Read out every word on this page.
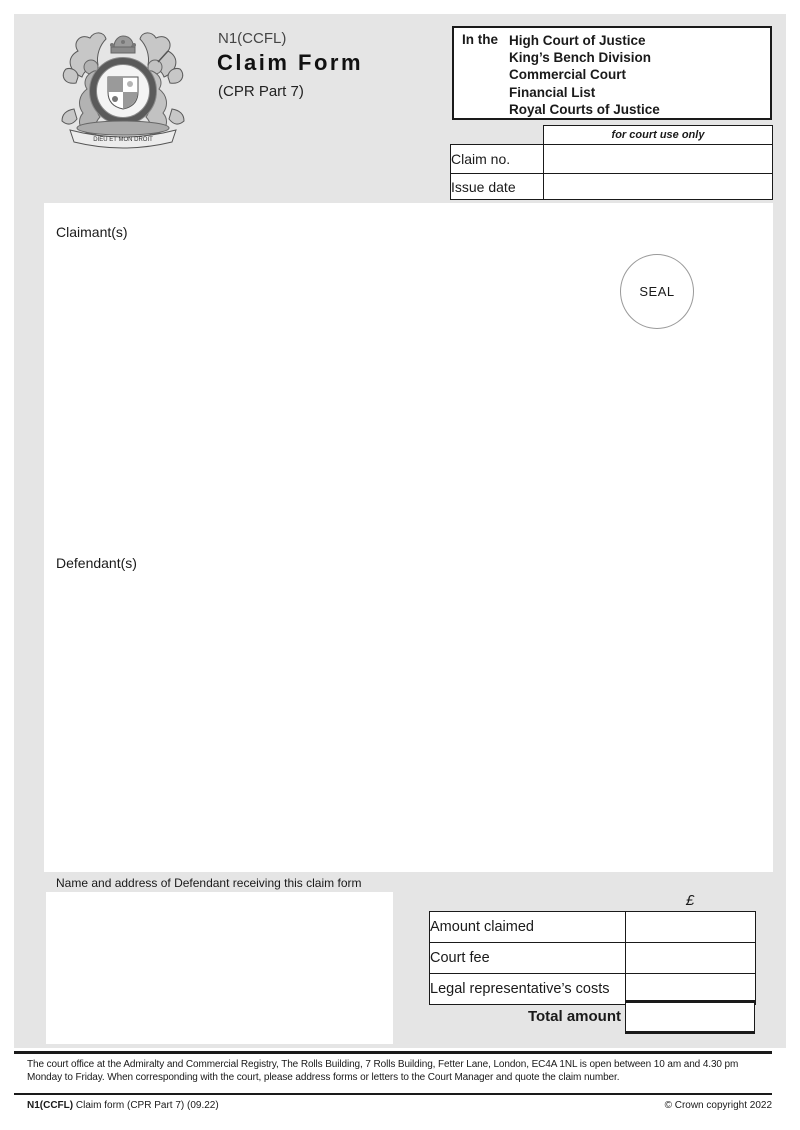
DIEU ET MON DROIT
N1(CCFL)
Claim Form
(CPR Part 7)
In the High Court of Justice
King’s Bench Division
Commercial Court
Financial List
Royal Courts of Justice
	for court use only
Claim no.	
Issue date	
Claimant(s)
SEAL
Defendant(s)
Name and address of Defendant receiving this claim form
£
Amount claimed	
Court fee	
Legal representative’s costs	
Total amount
The court office at the Admiralty and Commercial Registry, The Rolls Building, 7 Rolls Building, Fetter Lane, London, EC4A 1NL is open between 10 am and 4.30 pm
Monday to Friday. When corresponding with the court, please address forms or letters to the Court Manager and quote the claim number.
N1(CCFL) Claim form (CPR Part 7) (09.22)	© Crown copyright 2022
